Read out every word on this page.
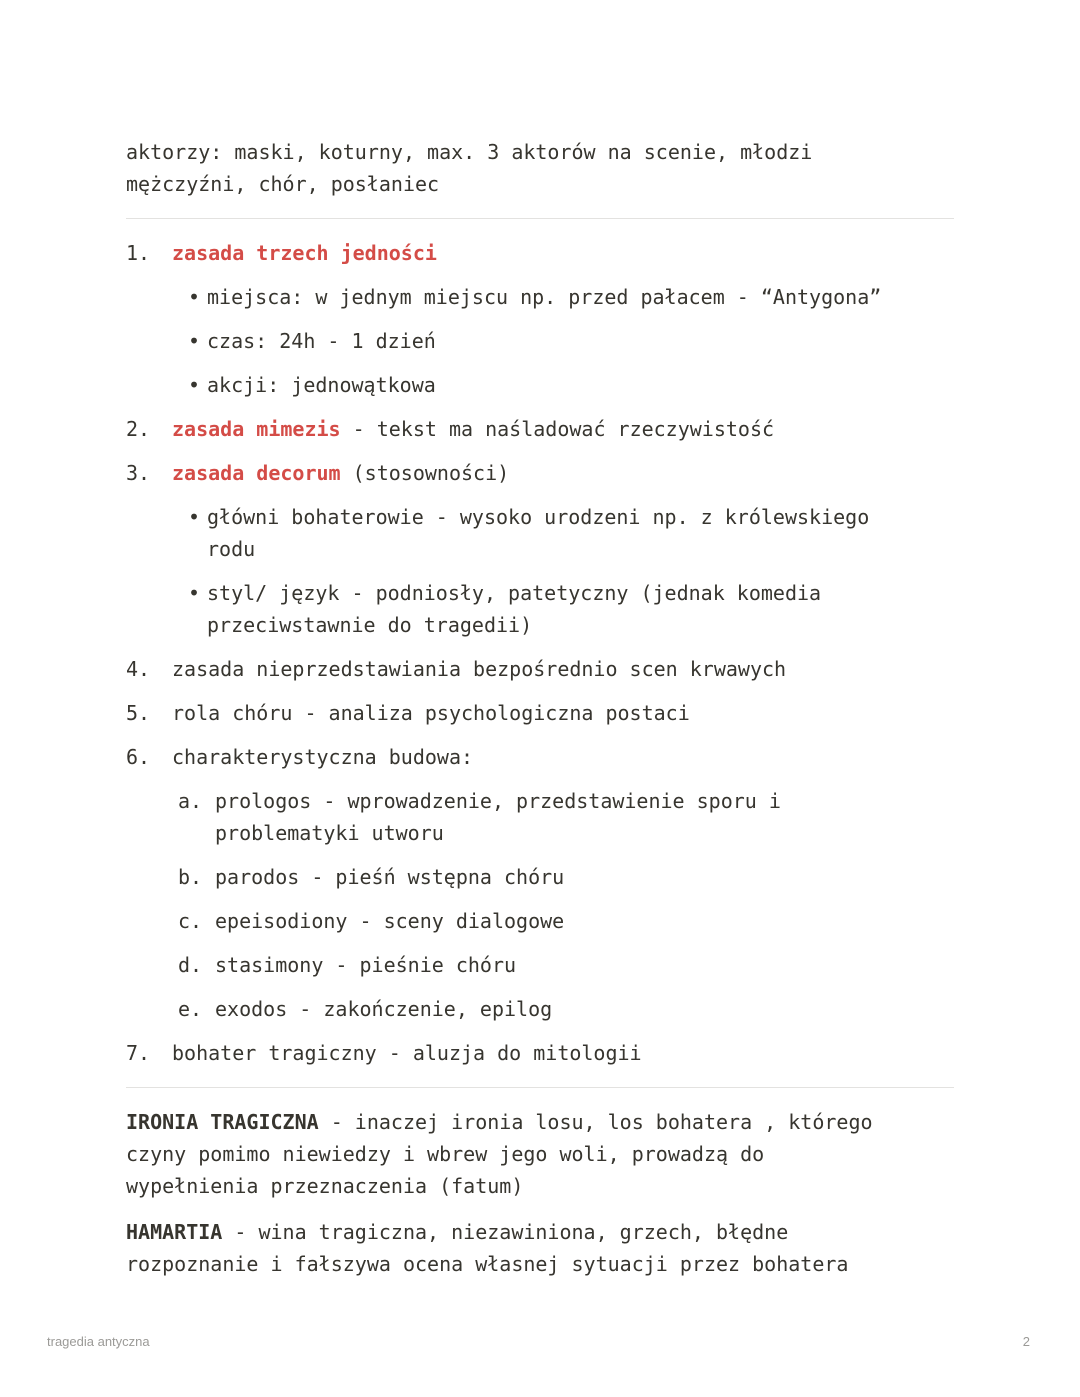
aktorzy: maski, koturny, max. 3 aktorów na scenie, młodzi mężczyźni, chór, posłaniec

1.	zasada trzech jedności
• miejsca: w jednym miejscu np. przed pałacem - “Antygona”
• czas: 24h - 1 dzień
• akcji: jednowątkowa
2.	zasada mimezis - tekst ma naśladować rzeczywistość
3.	zasada decorum (stosowności)
• główni bohaterowie - wysoko urodzeni np. z królewskiego rodu
• styl/ język - podniosły, patetyczny (jednak komedia przeciwstawnie do tragedii)
4.	zasada nieprzedstawiania bezpośrednio scen krwawych
5.	rola chóru - analiza psychologiczna postaci
6.	charakterystyczna budowa:
a. prologos - wprowadzenie, przedstawienie sporu i problematyki utworu
b. parodos - pieśń wstępna chóru
c. epeisodiony - sceny dialogowe
d. stasimony - pieśnie chóru
e. exodos - zakończenie, epilog
7.	bohater tragiczny - aluzja do mitologii

IRONIA TRAGICZNA - inaczej ironia losu, los bohatera , którego czyny pomimo niewiedzy i wbrew jego woli, prowadzą do wypełnienia przeznaczenia (fatum)

HAMARTIA - wina tragiczna, niezawiniona, grzech, błędne rozpoznanie i fałszywa ocena własnej sytuacji przez bohatera

tragedia antyczna	2
